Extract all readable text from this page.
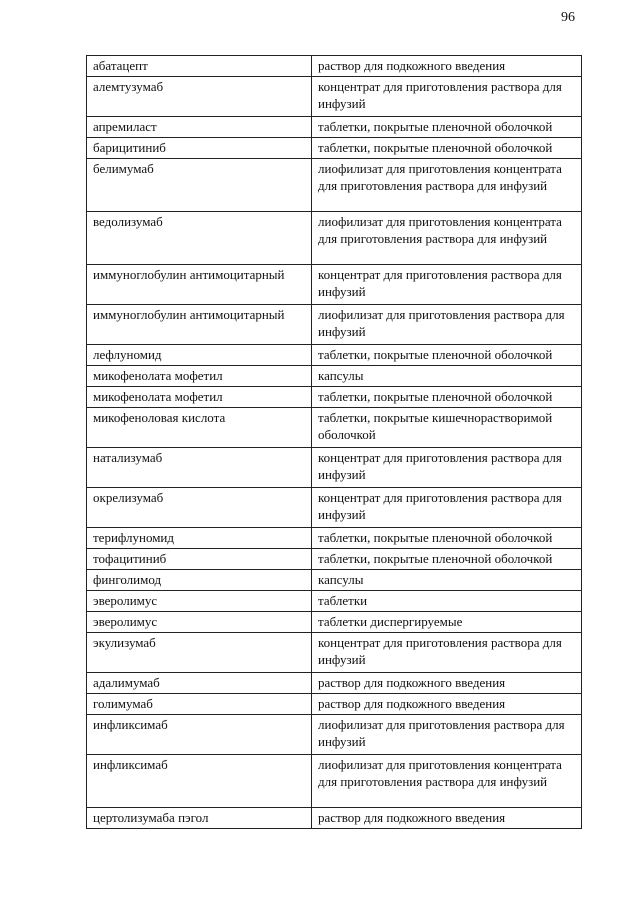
96
абатацепт	раствор для подкожного введения
алемтузумаб	концентрат для приготовления раствора для инфузий
апремиласт	таблетки, покрытые пленочной оболочкой
барицитиниб	таблетки, покрытые пленочной оболочкой
белимумаб	лиофилизат для приготовления концентрата для приготовления раствора для инфузий
ведолизумаб	лиофилизат для приготовления концентрата для приготовления раствора для инфузий
иммуноглобулин антимоцитарный	концентрат для приготовления раствора для инфузий
иммуноглобулин антимоцитарный	лиофилизат для приготовления раствора для инфузий
лефлуномид	таблетки, покрытые пленочной оболочкой
микофенолата мофетил	капсулы
микофенолата мофетил	таблетки, покрытые пленочной оболочкой
микофеноловая кислота	таблетки, покрытые кишечнорастворимой оболочкой
натализумаб	концентрат для приготовления раствора для инфузий
окрелизумаб	концентрат для приготовления раствора для инфузий
терифлуномид	таблетки, покрытые пленочной оболочкой
тофацитиниб	таблетки, покрытые пленочной оболочкой
финголимод	капсулы
эверолимус	таблетки
эверолимус	таблетки диспергируемые
экулизумаб	концентрат для приготовления раствора для инфузий
адалимумаб	раствор для подкожного введения
голимумаб	раствор для подкожного введения
инфликсимаб	лиофилизат для приготовления раствора для инфузий
инфликсимаб	лиофилизат для приготовления концентрата для приготовления раствора для инфузий
цертолизумаба пэгол	раствор для подкожного введения
